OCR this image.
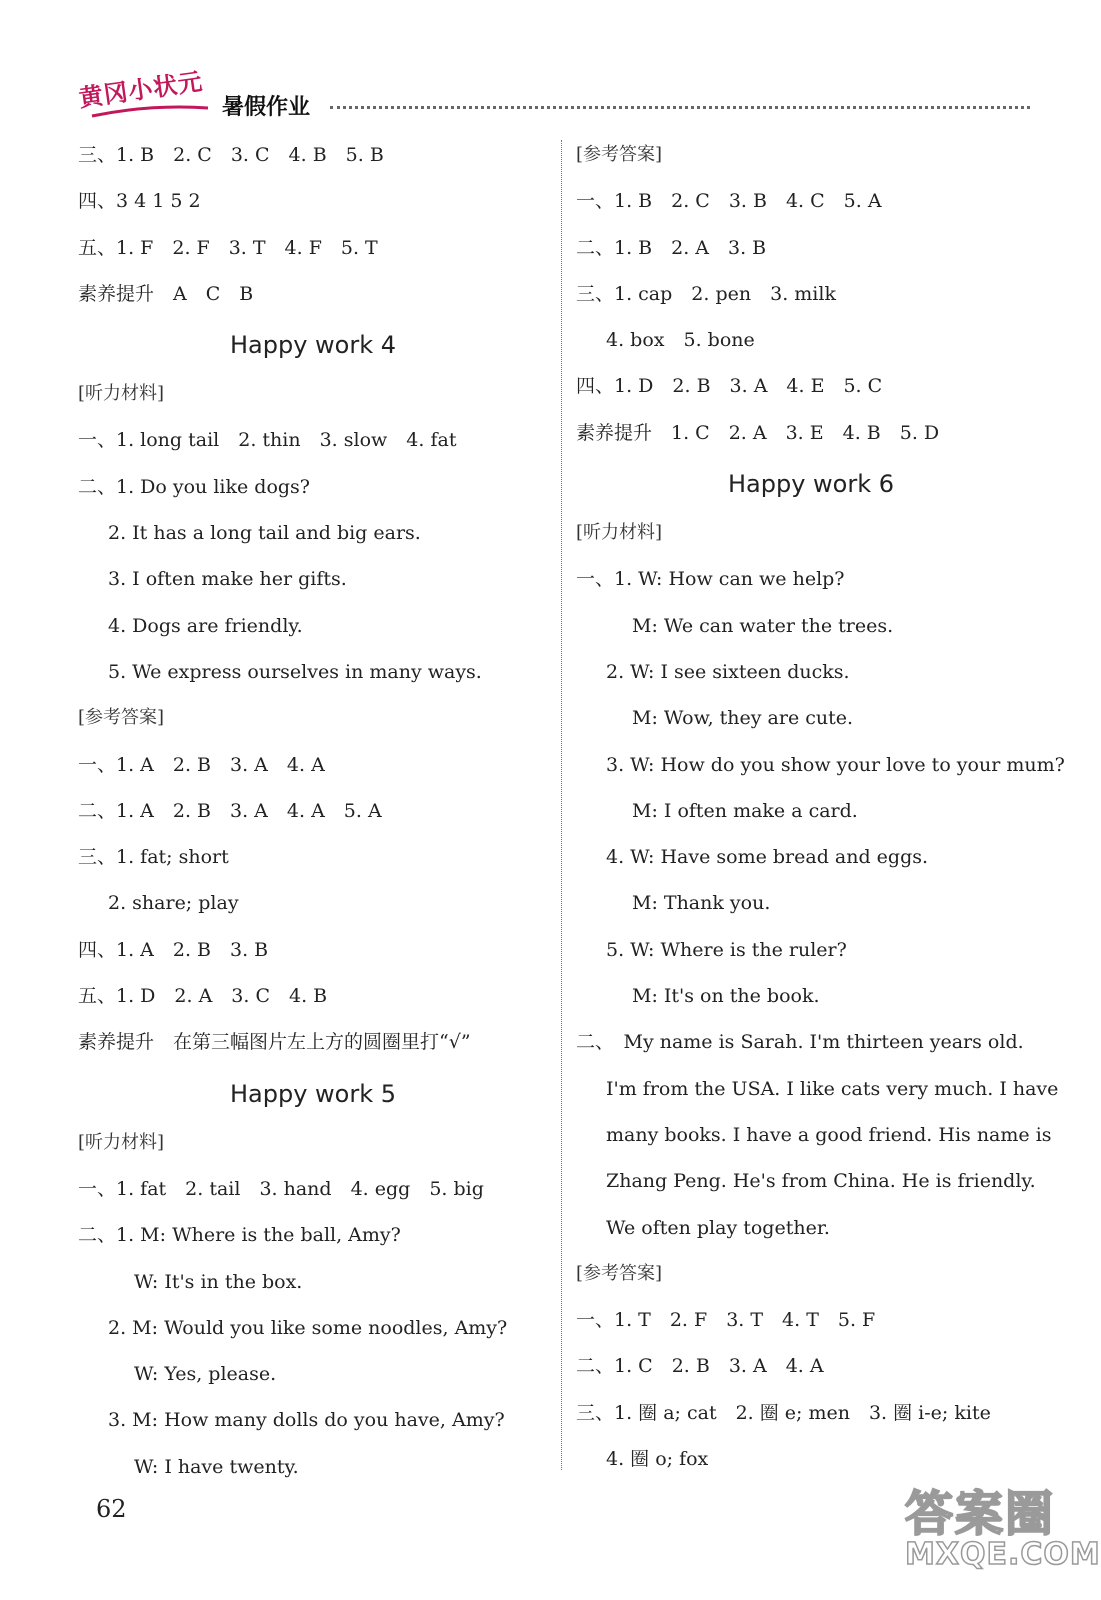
黄冈小状元 暑假作业
三、1. B　2. C　3. C　4. B　5. B
四、3 4 1 5 2
五、1. F　2. F　3. T　4. F　5. T
素养提升　A　C　B
Happy work 4
[听力材料]
一、1. long tail　2. thin　3. slow　4. fat
二、1. Do you like dogs?
2. It has a long tail and big ears.
3. I often make her gifts.
4. Dogs are friendly.
5. We express ourselves in many ways.
[参考答案]
一、1. A　2. B　3. A　4. A
二、1. A　2. B　3. A　4. A　5. A
三、1. fat; short
2. share; play
四、1. A　2. B　3. B
五、1. D　2. A　3. C　4. B
素养提升　在第三幅图片左上方的圆圈里打“√”
Happy work 5
[听力材料]
一、1. fat　2. tail　3. hand　4. egg　5. big
二、1. M: Where is the ball, Amy?
W: It's in the box.
2. M: Would you like some noodles, Amy?
W: Yes, please.
3. M: How many dolls do you have, Amy?
W: I have twenty.
[参考答案]
一、1. B　2. C　3. B　4. C　5. A
二、1. B　2. A　3. B
三、1. cap　2. pen　3. milk
4. box　5. bone
四、1. D　2. B　3. A　4. E　5. C
素养提升　1. C　2. A　3. E　4. B　5. D
Happy work 6
[听力材料]
一、1. W: How can we help?
M: We can water the trees.
2. W: I see sixteen ducks.
M: Wow, they are cute.
3. W: How do you show your love to your mum?
M: I often make a card.
4. W: Have some bread and eggs.
M: Thank you.
5. W: Where is the ruler?
M: It's on the book.
二、　My name is Sarah. I'm thirteen years old.
I'm from the USA. I like cats very much. I have
many books. I have a good friend. His name is
Zhang Peng. He's from China. He is friendly.
We often play together.
[参考答案]
一、1. T　2. F　3. T　4. T　5. F
二、1. C　2. B　3. A　4. A
三、1. 圈 a; cat　2. 圈 e; men　3. 圈 i-e; kite
4. 圈 o; fox
62	答案圈
MXQE.COM
